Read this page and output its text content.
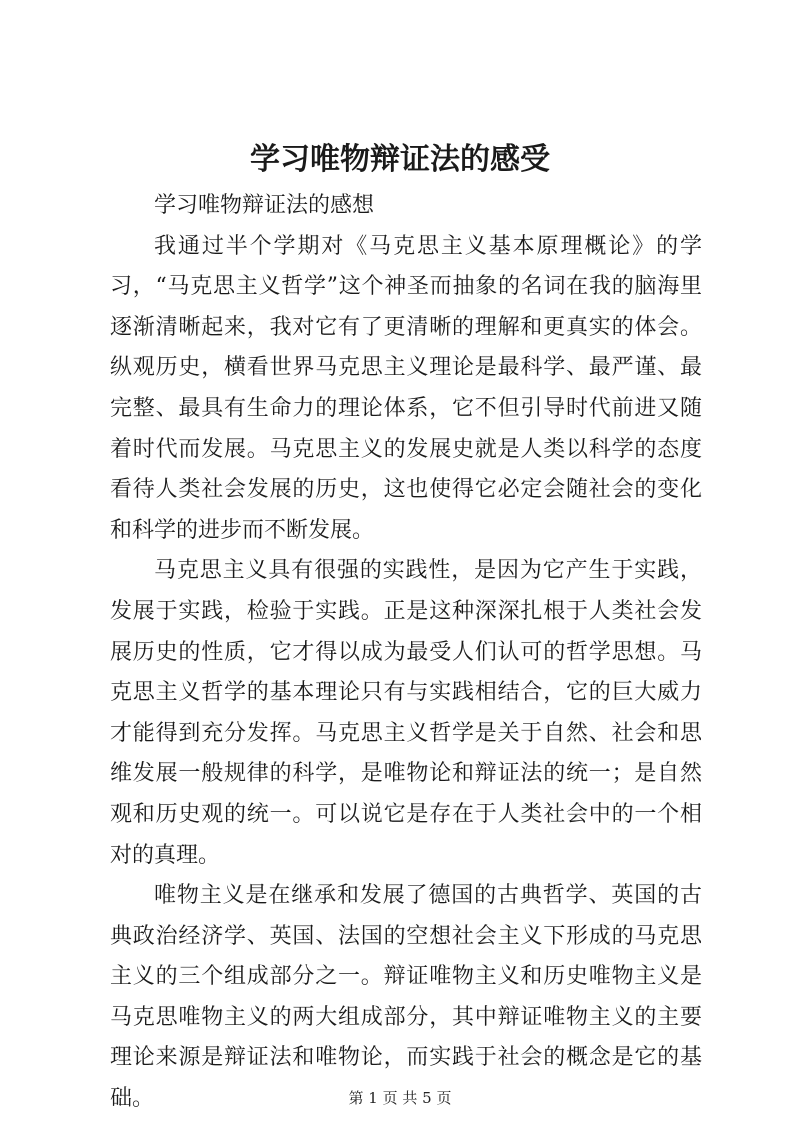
学习唯物辩证法的感受

学习唯物辩证法的感想

我通过半个学期对《马克思主义基本原理概论》的学习，“马克思主义哲学”这个神圣而抽象的名词在我的脑海里逐渐清晰起来，我对它有了更清晰的理解和更真实的体会。纵观历史，横看世界马克思主义理论是最科学、最严谨、最完整、最具有生命力的理论体系，它不但引导时代前进又随着时代而发展。马克思主义的发展史就是人类以科学的态度看待人类社会发展的历史，这也使得它必定会随社会的变化和科学的进步而不断发展。

马克思主义具有很强的实践性，是因为它产生于实践，发展于实践，检验于实践。正是这种深深扎根于人类社会发展历史的性质，它才得以成为最受人们认可的哲学思想。马克思主义哲学的基本理论只有与实践相结合，它的巨大威力才能得到充分发挥。马克思主义哲学是关于自然、社会和思维发展一般规律的科学，是唯物论和辩证法的统一；是自然观和历史观的统一。可以说它是存在于人类社会中的一个相对的真理。

唯物主义是在继承和发展了德国的古典哲学、英国的古典政治经济学、英国、法国的空想社会主义下形成的马克思主义的三个组成部分之一。辩证唯物主义和历史唯物主义是马克思唯物主义的两大组成部分，其中辩证唯物主义的主要理论来源是辩证法和唯物论，而实践于社会的概念是它的基础。	第 1 页 共 5 页
